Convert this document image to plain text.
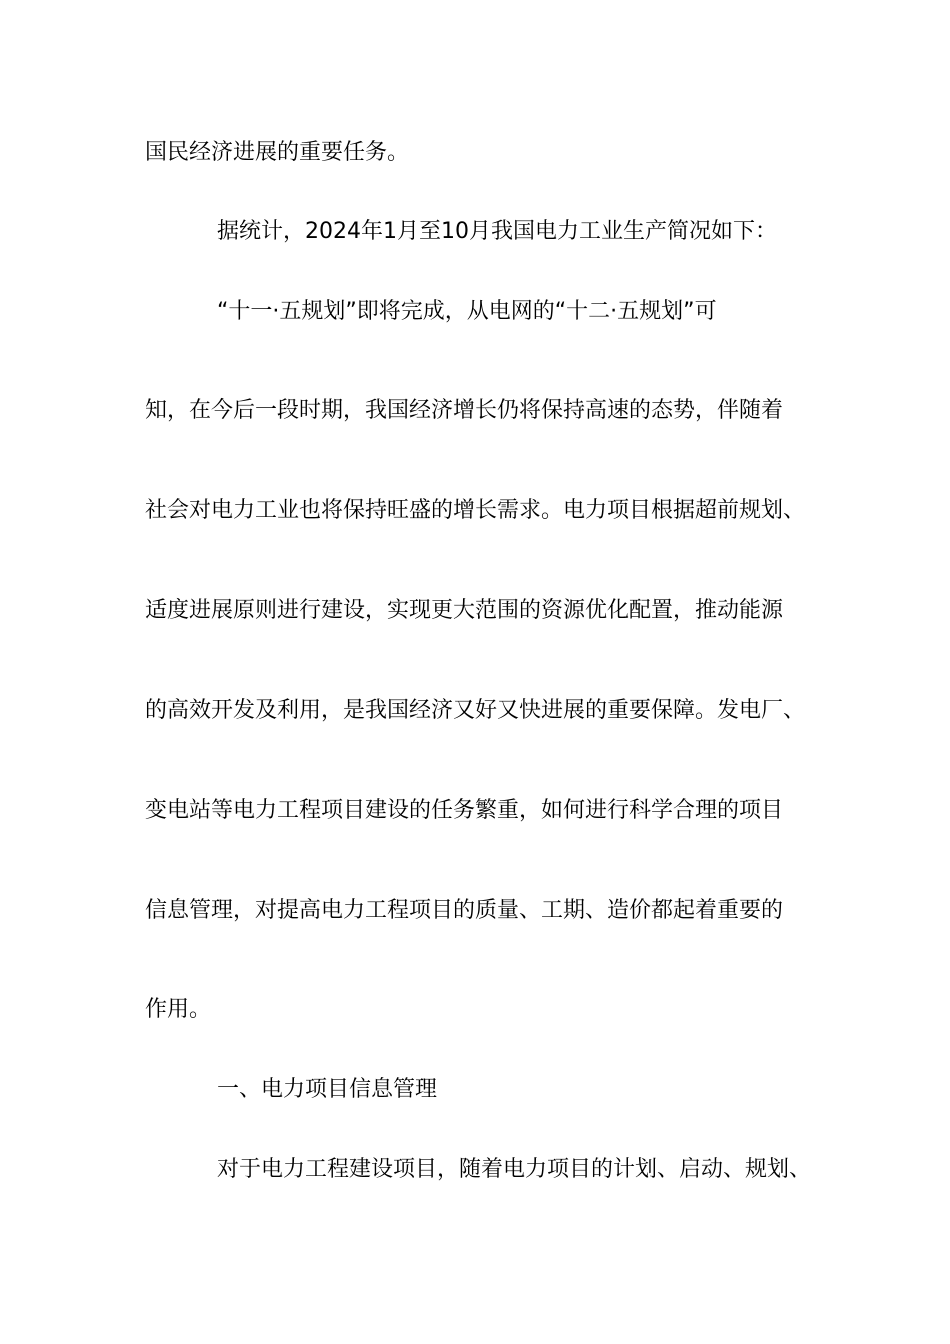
国民经济进展的重要任务。
据统计，2024年1月至10月我国电力工业生产简况如下：
“十一·五规划”即将完成，从电网的“十二·五规划”可
知，在今后一段时期，我国经济增长仍将保持高速的态势，伴随着
社会对电力工业也将保持旺盛的增长需求。电力项目根据超前规划、
适度进展原则进行建设，实现更大范围的资源优化配置，推动能源
的高效开发及利用，是我国经济又好又快进展的重要保障。发电厂、
变电站等电力工程项目建设的任务繁重，如何进行科学合理的项目
信息管理，对提高电力工程项目的质量、工期、造价都起着重要的
作用。
一、电力项目信息管理
对于电力工程建设项目，随着电力项目的计划、启动、规划、
